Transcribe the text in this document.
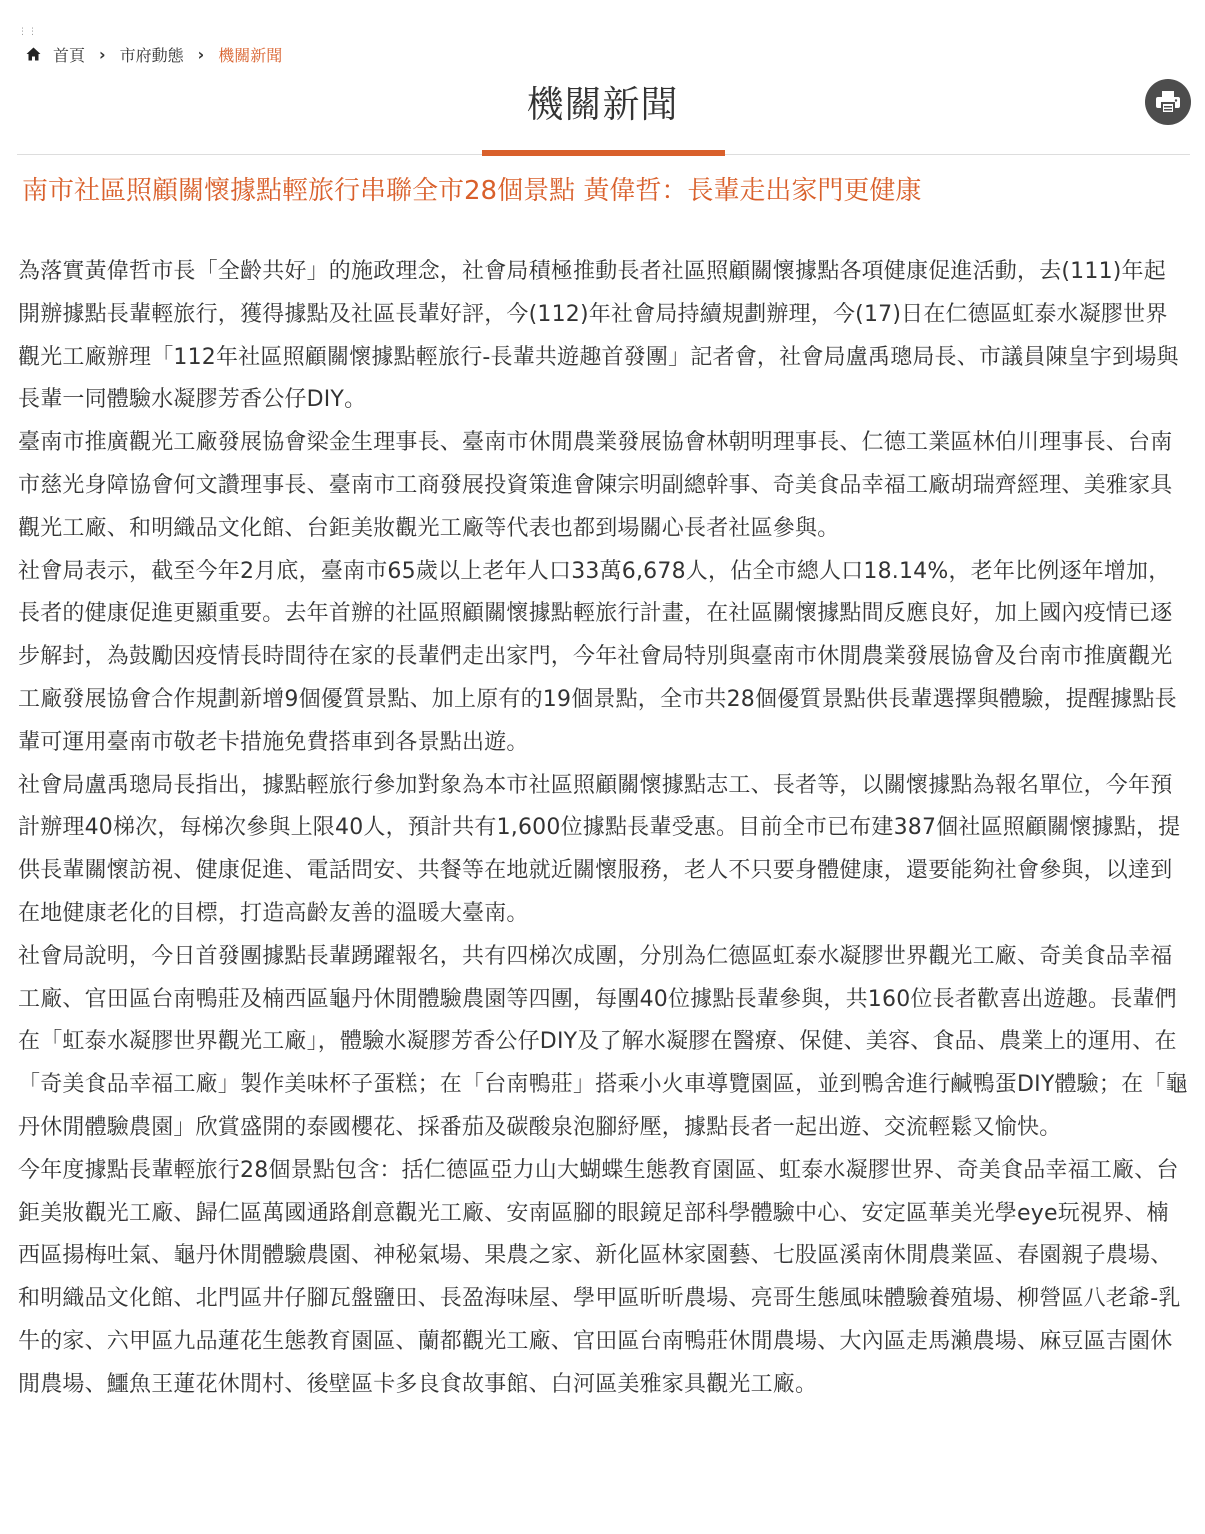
⋮⋮
首頁 › 市府動態 › 機關新聞
機關新聞
南市社區照顧關懷據點輕旅行串聯全市28個景點 黃偉哲：長輩走出家門更健康

為落實黃偉哲市長「全齡共好」的施政理念，社會局積極推動長者社區照顧關懷據點各項健康促進活動，去(111)年起開辦據點長輩輕旅行，獲得據點及社區長輩好評，今(112)年社會局持續規劃辦理，今(17)日在仁德區虹泰水凝膠世界觀光工廠辦理「112年社區照顧關懷據點輕旅行-長輩共遊趣首發團」記者會，社會局盧禹璁局長、市議員陳皇宇到場與長輩一同體驗水凝膠芳香公仔DIY。

臺南市推廣觀光工廠發展協會梁金生理事長、臺南市休閒農業發展協會林朝明理事長、仁德工業區林伯川理事長、台南市慈光身障協會何文讚理事長、臺南市工商發展投資策進會陳宗明副總幹事、奇美食品幸福工廠胡瑞齊經理、美雅家具觀光工廠、和明織品文化館、台鉅美妝觀光工廠等代表也都到場關心長者社區參與。

社會局表示，截至今年2月底，臺南市65歲以上老年人口33萬6,678人，佔全市總人口18.14%，老年比例逐年增加，長者的健康促進更顯重要。去年首辦的社區照顧關懷據點輕旅行計畫，在社區關懷據點間反應良好，加上國內疫情已逐步解封，為鼓勵因疫情長時間待在家的長輩們走出家門，今年社會局特別與臺南市休閒農業發展協會及台南市推廣觀光工廠發展協會合作規劃新增9個優質景點、加上原有的19個景點，全市共28個優質景點供長輩選擇與體驗，提醒據點長輩可運用臺南市敬老卡措施免費搭車到各景點出遊。

社會局盧禹璁局長指出，據點輕旅行參加對象為本市社區照顧關懷據點志工、長者等，以關懷據點為報名單位，今年預計辦理40梯次，每梯次參與上限40人，預計共有1,600位據點長輩受惠。目前全市已布建387個社區照顧關懷據點，提供長輩關懷訪視、健康促進、電話問安、共餐等在地就近關懷服務，老人不只要身體健康，還要能夠社會參與，以達到在地健康老化的目標，打造高齡友善的溫暖大臺南。

社會局說明，今日首發團據點長輩踴躍報名，共有四梯次成團，分別為仁德區虹泰水凝膠世界觀光工廠、奇美食品幸福工廠、官田區台南鴨莊及楠西區龜丹休閒體驗農園等四團，每團40位據點長輩參與，共160位長者歡喜出遊趣。長輩們在「虹泰水凝膠世界觀光工廠」，體驗水凝膠芳香公仔DIY及了解水凝膠在醫療、保健、美容、食品、農業上的運用、在「奇美食品幸福工廠」製作美味杯子蛋糕；在「台南鴨莊」搭乘小火車導覽園區，並到鴨舍進行鹹鴨蛋DIY體驗；在「龜丹休閒體驗農園」欣賞盛開的泰國櫻花、採番茄及碳酸泉泡腳紓壓，據點長者一起出遊、交流輕鬆又愉快。

今年度據點長輩輕旅行28個景點包含：括仁德區亞力山大蝴蝶生態教育園區、虹泰水凝膠世界、奇美食品幸福工廠、台鉅美妝觀光工廠、歸仁區萬國通路創意觀光工廠、安南區腳的眼鏡足部科學體驗中心、安定區華美光學eye玩視界、楠西區揚梅吐氣、龜丹休閒體驗農園、神秘氣場、果農之家、新化區林家園藝、七股區溪南休閒農業區、春園親子農場、和明織品文化館、北門區井仔腳瓦盤鹽田、長盈海味屋、學甲區昕昕農場、亮哥生態風味體驗養殖場、柳營區八老爺-乳牛的家、六甲區九品蓮花生態教育園區、蘭都觀光工廠、官田區台南鴨莊休閒農場、大內區走馬瀨農場、麻豆區吉園休閒農場、鱷魚王蓮花休閒村、後壁區卡多良食故事館、白河區美雅家具觀光工廠。
